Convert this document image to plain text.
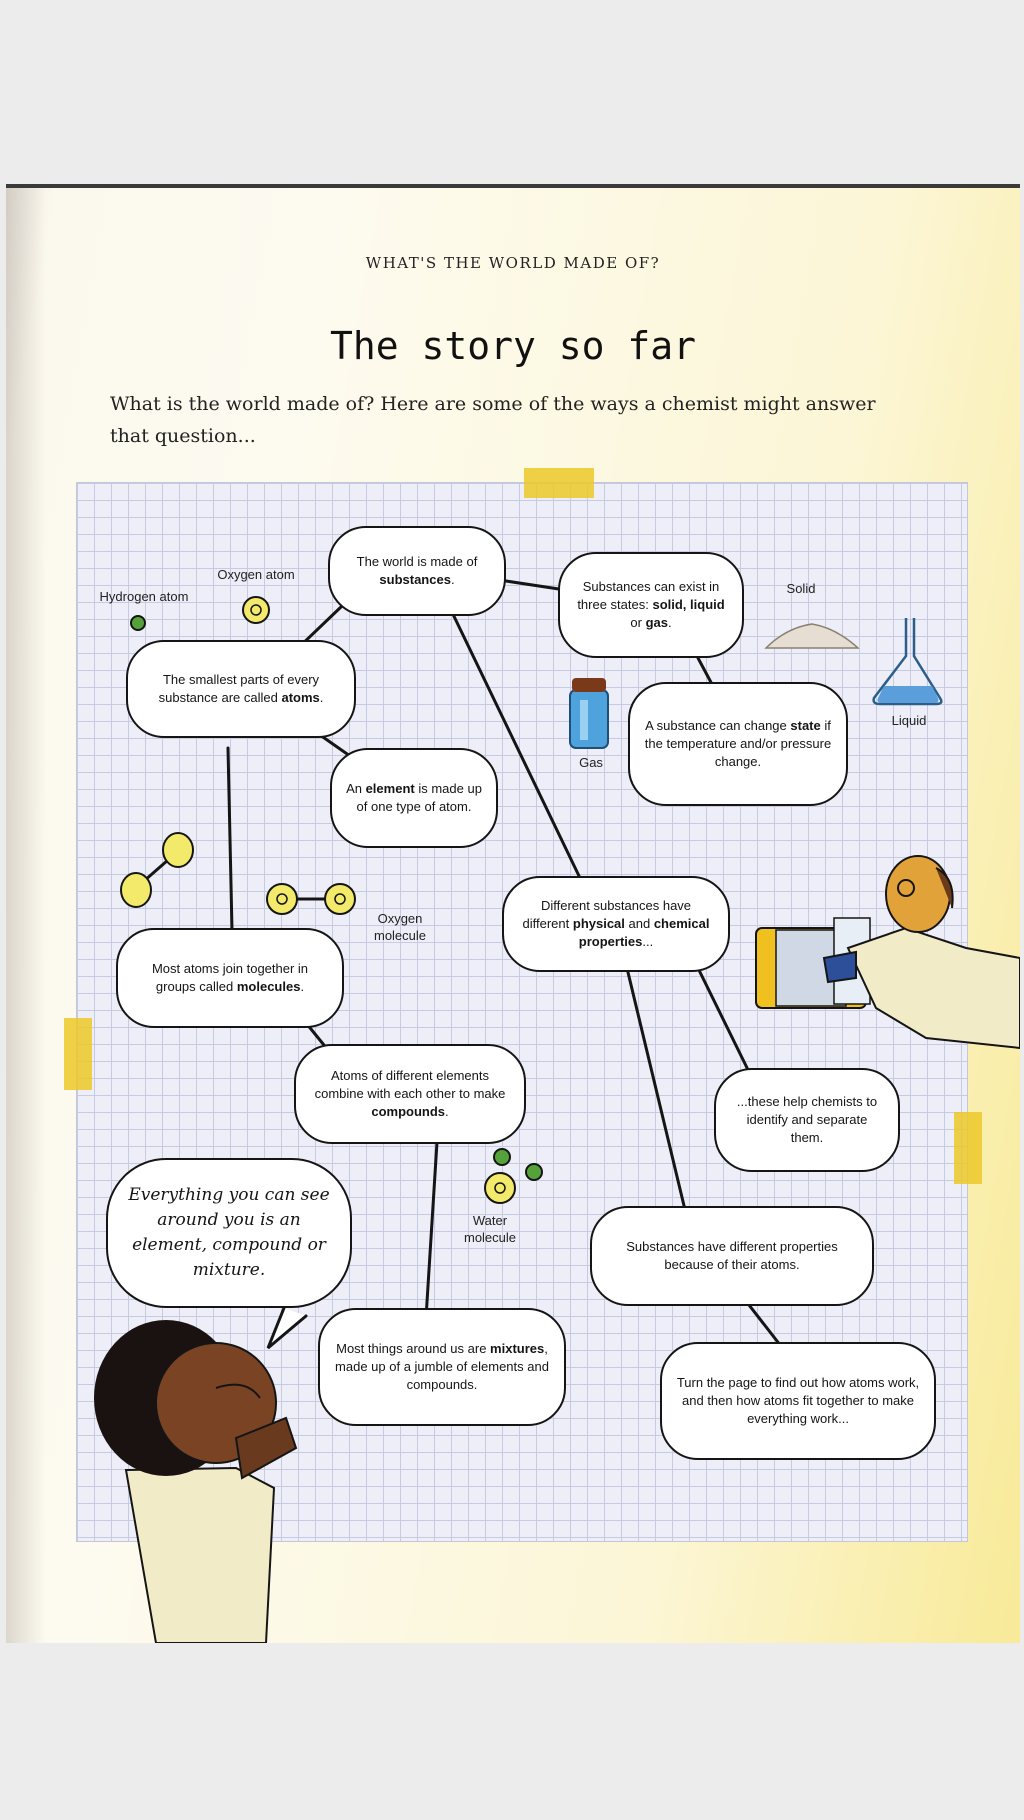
WHAT'S THE WORLD MADE OF?
The story so far
What is the world made of? Here are some of the ways a chemist might answer that question...
The world is made of substances.	Substances can exist in three states: solid, liquid or gas.
The smallest parts of every substance are called atoms.
A substance can change state if the temperature and/or pressure change.
An element is made up of one type of atom.
Different substances have different physical and chemical properties...
Most atoms join together in groups called molecules.
Atoms of different elements combine with each other to make compounds.
...these help chemists to identify and separate them.
Everything you can see around you is an element, compound or mixture.
Substances have different properties because of their atoms.
Most things around us are mixtures, made up of a jumble of elements and compounds.	Turn the page to find out how atoms work, and then how atoms fit together to make everything work...
Hydrogen atom
Oxygen atom
Solid
Liquid
Gas
Oxygen molecule
Water molecule
